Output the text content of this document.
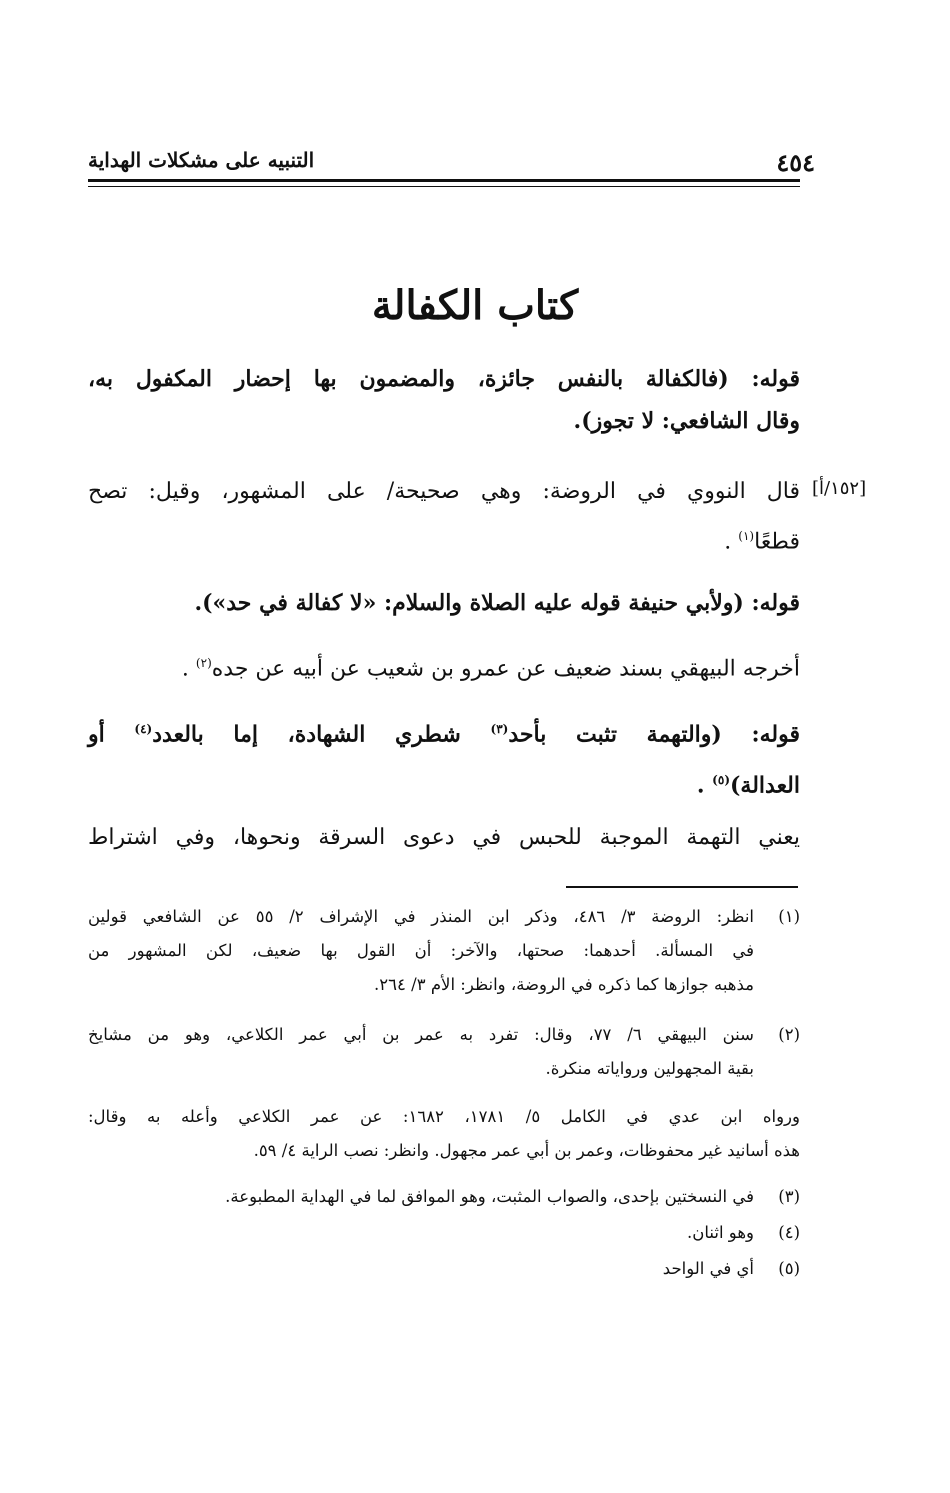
٤٥٤
التنبيه على مشكلات الهداية
كتاب الكفالة
قوله: (فالكفالة بالنفس جائزة، والمضمون بها إحضار المكفول به،
وقال الشافعي: لا تجوز).
[١٥٢/أ]
قال النووي في الروضة: وهي صحيحة/ على المشهور، وقيل: تصح
قطعًا$^{(١)}$ .
قوله: (ولأبي حنيفة قوله عليه الصلاة والسلام: «لا كفالة في حد»).
أخرجه البيهقي بسند ضعيف عن عمرو بن شعيب عن أبيه عن جده$^{(٢)}$ .
قوله: (والتهمة تثبت بأحد$^{(٣)}$ شطري الشهادة، إما بالعدد$^{(٤)}$ أو
العدالة)$^{(٥)}$ .
يعني التهمة الموجبة للحبس في دعوى السرقة ونحوها، وفي اشتراط
(١)
انظر: الروضة ٣/ ٤٨٦، وذكر ابن المنذر في الإشراف ٢/ ٥٥ عن الشافعي قولين
في المسألة. أحدهما: صحتها، والآخر: أن القول بها ضعيف، لكن المشهور من
مذهبه جوازها كما ذكره في الروضة، وانظر: الأم ٣/ ٢٦٤.
(٢)
سنن البيهقي ٦/ ٧٧، وقال: تفرد به عمر بن أبي عمر الكلاعي، وهو من مشايخ
بقية المجهولين ورواياته منكرة.
ورواه ابن عدي في الكامل ٥/ ١٧٨١، ١٦٨٢: عن عمر الكلاعي وأعله به وقال:
هذه أسانيد غير محفوظات، وعمر بن أبي عمر مجهول. وانظر: نصب الراية ٤/ ٥٩.
(٣)
في النسختين بإحدى، والصواب المثبت، وهو الموافق لما في الهداية المطبوعة.
(٤)
وهو اثنان.
(٥)
أي في الواحد
